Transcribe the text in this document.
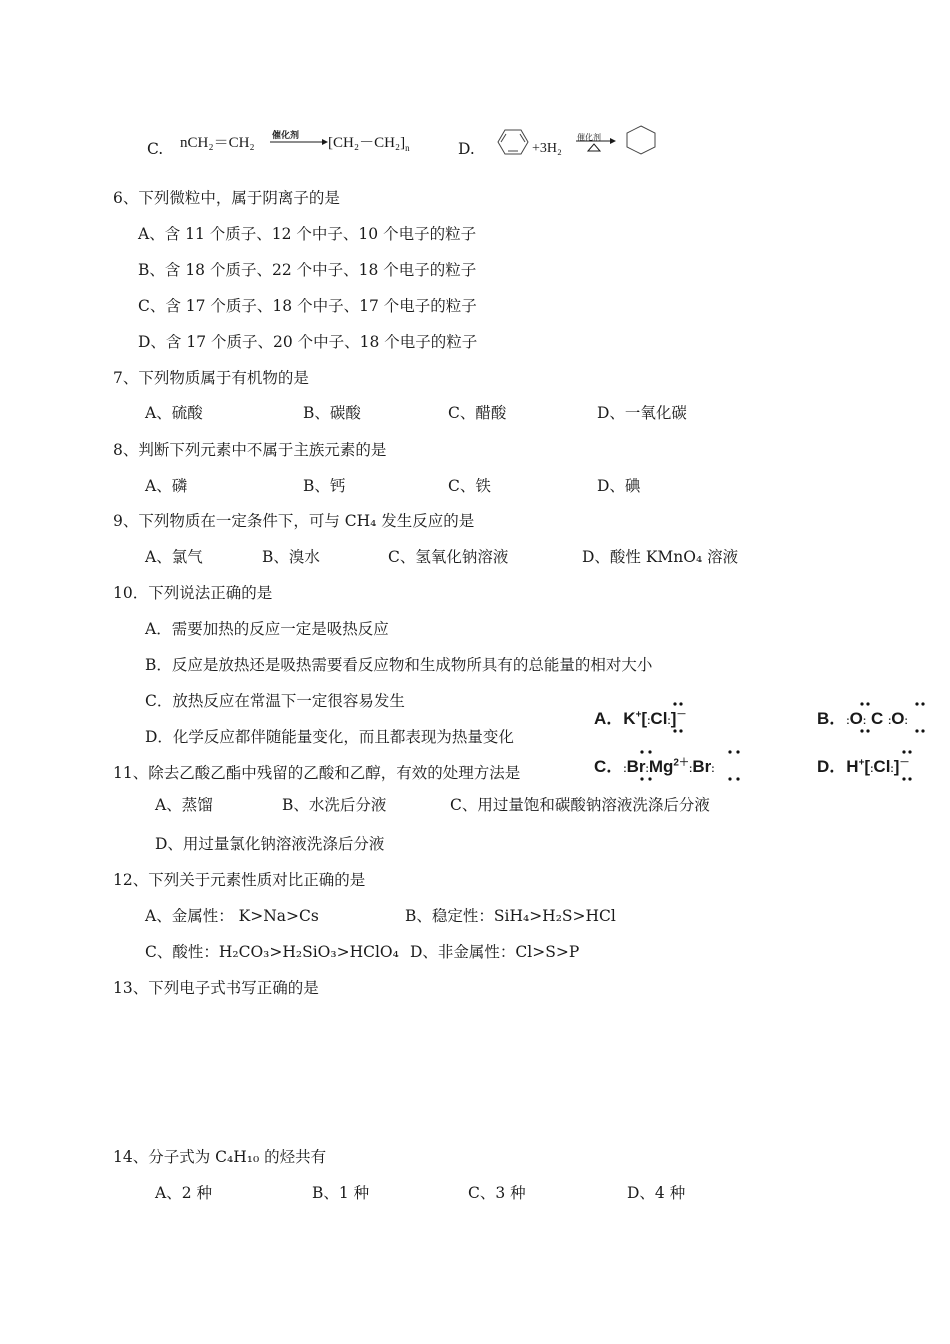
C. nCH₂＝CH₂ 催化剂 $[CH_2-CH_2]_n$	D.	+3H₂
催化剂
6、下列微粒中，属于阴离子的是
A、含 11 个质子、12 个中子、10 个电子的粒子
B、含 18 个质子、22 个中子、18 个电子的粒子
C、含 17 个质子、18 个中子、17 个电子的粒子
D、含 17 个质子、20 个中子、18 个电子的粒子
7、下列物质属于有机物的是
A、硫酸	B、碳酸	C、醋酸	D、一氧化碳
8、判断下列元素中不属于主族元素的是
A、磷	B、钙	C、铁	D、碘
9、下列物质在一定条件下，可与 CH₄ 发生反应的是
A、氯气	B、溴水	C、氢氧化钠溶液	D、酸性 KMnO₄ 溶液
10．下列说法正确的是
A．需要加热的反应一定是吸热反应
B．反应是放热还是吸热需要看反应物和生成物所具有的总能量的相对大小
C．放热反应在常温下一定很容易发生
D．化学反应都伴随能量变化，而且都表现为热量变化
11、除去乙酸乙酯中残留的乙酸和乙醇，有效的处理方法是
A、蒸馏	B、水洗后分液	C、用过量饱和碳酸钠溶液洗涤后分液
D、用过量氯化钠溶液洗涤后分液
12、下列关于元素性质对比正确的是
A、金属性： K>Na>Cs	B、稳定性：SiH₄>H₂S>HCl
C、酸性：H₂CO₃>H₂SiO₃>HClO₄ D、非金属性：Cl>S>P
13、下列电子式书写正确的是
14、分子式为 C₄H₁₀ 的烃共有
A、2 种	B、1 种	C、3 种	D、4 种
A．K+[:Cl:]－	B．:O: C :O:
C．$:Br:Mg^{2+}:Br$:	D．H+[:Cl:]－
